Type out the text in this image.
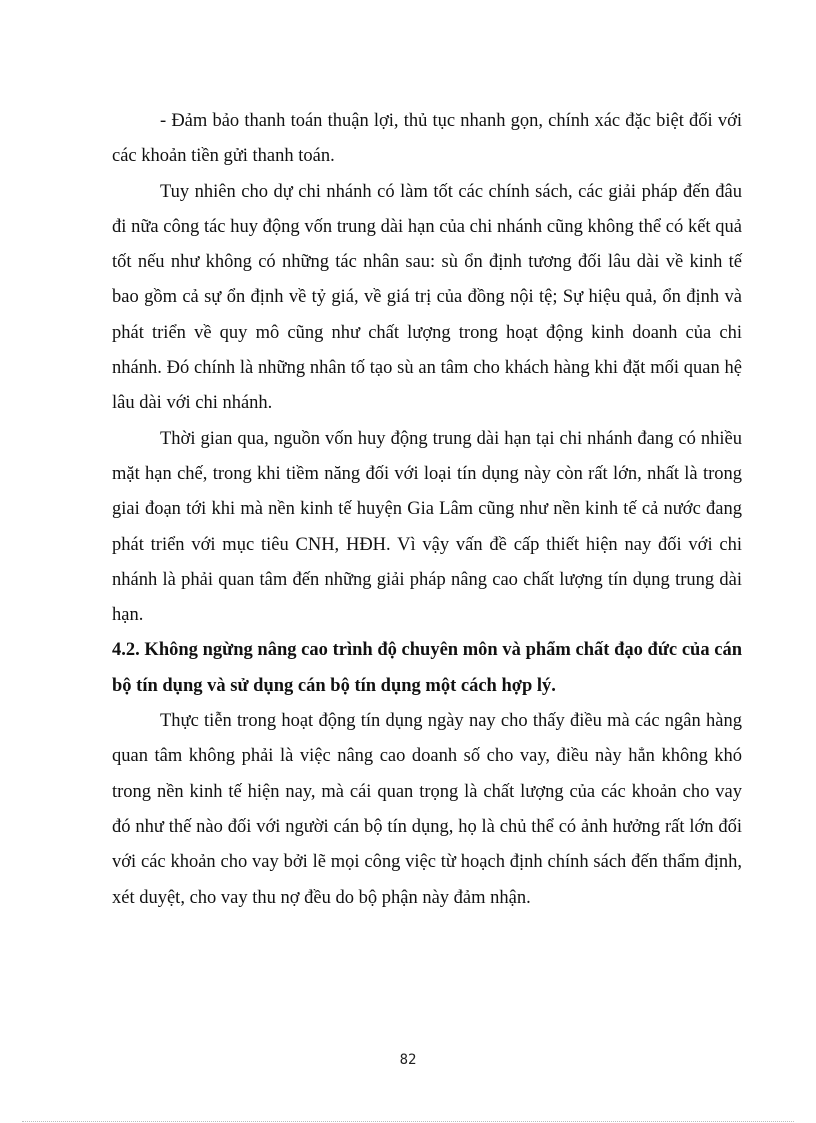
- Đảm bảo thanh toán thuận lợi, thủ tục nhanh gọn, chính xác đặc biệt đối với các khoản tiền gửi thanh toán.

Tuy nhiên cho dự chi nhánh có làm tốt các chính sách, các giải pháp đến đâu đi nữa công tác huy động vốn trung dài hạn của chi nhánh cũng không thể có kết quả tốt nếu như không có những tác nhân sau: sù ổn định tương đối lâu dài về kinh tế bao gồm cả sự ổn định về tỷ giá, về giá trị của đồng nội tệ; Sự hiệu quả, ổn định và phát triển về quy mô cũng như chất lượng trong hoạt động kinh doanh của chi nhánh. Đó chính là những nhân tố tạo sù an tâm cho khách hàng khi đặt mối quan hệ lâu dài với chi nhánh.

Thời gian qua, nguồn vốn huy động trung dài hạn tại chi nhánh đang có nhiều mặt hạn chế, trong khi tiềm năng đối với loại tín dụng này còn rất lớn, nhất là trong giai đoạn tới khi mà nền kinh tế huyện Gia Lâm cũng như nền kinh tế cả nước đang phát triển với mục tiêu CNH, HĐH. Vì vậy vấn đề cấp thiết hiện nay đối với chi nhánh là phải quan tâm đến những giải pháp nâng cao chất lượng tín dụng trung dài hạn.

4.2. Không ngừng nâng cao trình độ chuyên môn và phẩm chất đạo đức của cán bộ tín dụng và sử dụng cán bộ tín dụng một cách hợp lý.

Thực tiễn trong hoạt động tín dụng ngày nay cho thấy điều mà các ngân hàng quan tâm không phải là việc nâng cao doanh số cho vay, điều này hẳn không khó trong nền kinh tế hiện nay, mà cái quan trọng là chất lượng của các khoản cho vay đó như thế nào đối với người cán bộ tín dụng, họ là chủ thể có ảnh hưởng rất lớn đối với các khoản cho vay bởi lẽ mọi công việc từ hoạch định chính sách đến thẩm định, xét duyệt, cho vay thu nợ đều do bộ phận này đảm nhận.

82
